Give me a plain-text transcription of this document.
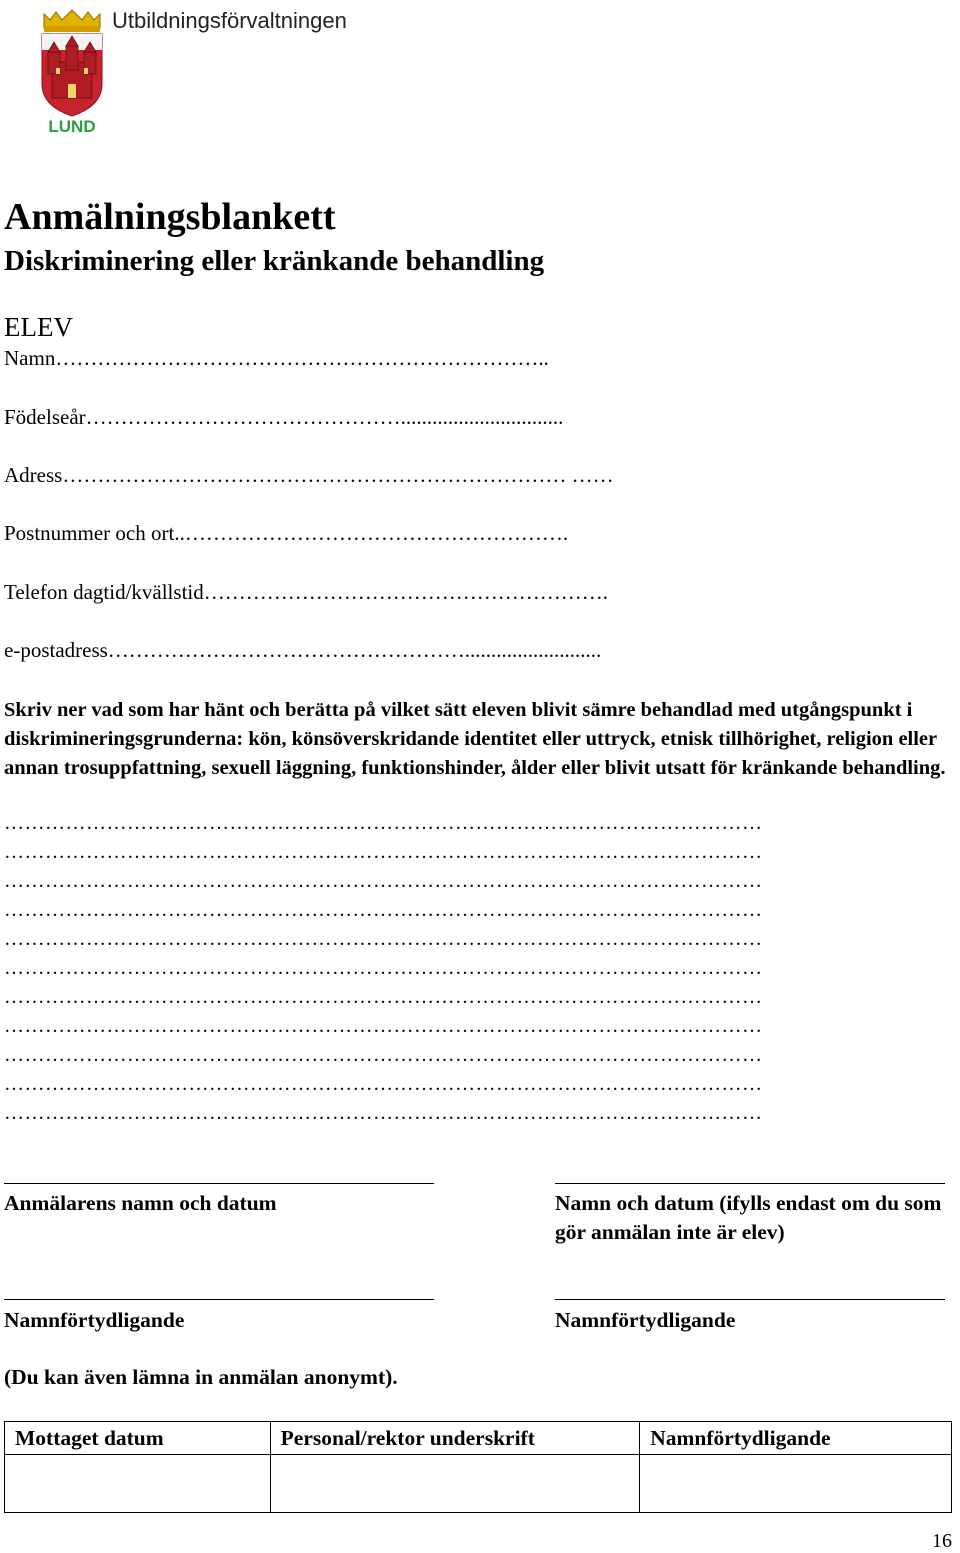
LUND
Utbildningsförvaltningen
Anmälningsblankett
Diskriminering eller kränkande behandling
ELEV
Namn……………………………………………………………..
Födelseår………………………………………...............................
Adress……………………………………………………………… ……
Postnummer och ort..……………………………………………….
Telefon dagtid/kvällstid………………………………………………….
e-postadress……………………………………………..........................
Skriv ner vad som har hänt och berätta på vilket sätt eleven blivit sämre behandlad med utgångspunkt i diskrimineringsgrunderna: kön, könsöverskridande identitet eller uttryck, etnisk tillhörighet, religion eller annan trosuppfattning, sexuell läggning, funktionshinder, ålder eller blivit utsatt för kränkande behandling.
…………………………………………………………………………………………………
…………………………………………………………………………………………………
…………………………………………………………………………………………………
…………………………………………………………………………………………………
…………………………………………………………………………………………………
…………………………………………………………………………………………………
…………………………………………………………………………………………………
…………………………………………………………………………………………………
…………………………………………………………………………………………………
…………………………………………………………………………………………………
…………………………………………………………………………………………………
Anmälarens namn och datum	Namn och datum (ifylls endast om du som gör anmälan inte är elev)
Namnförtydligande	Namnförtydligande
(Du kan även lämna in anmälan anonymt).
Mottaget datum	Personal/rektor underskrift	Namnförtydligande

16
